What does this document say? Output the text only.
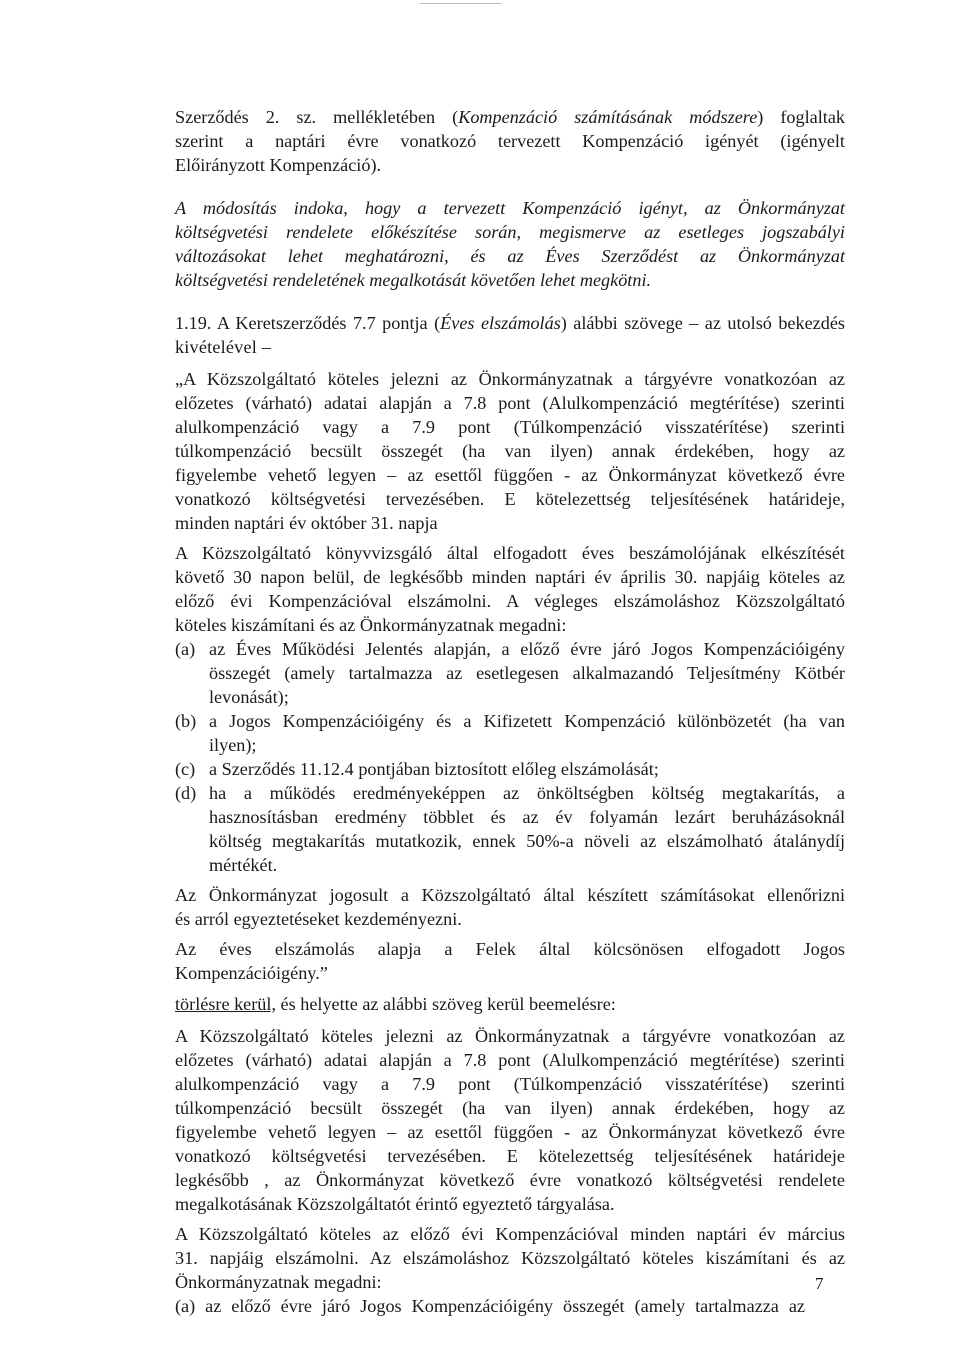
Szerződés 2. sz. mellékletében (Kompenzáció számításának módszere) foglaltak

szerint a naptári évre vonatkozó tervezett Kompenzáció igényét (igényelt

Előirányzott Kompenzáció).

A módosítás indoka, hogy a tervezett Kompenzáció igényt, az Önkormányzat

költségvetési rendelete előkészítése során, megismerve az esetleges jogszabályi

változásokat lehet meghatározni, és az Éves Szerződést az Önkormányzat

költségvetési rendeletének megalkotását követően lehet megkötni.

1.19. A Keretszerződés 7.7 pontja (Éves elszámolás) alábbi szövege – az utolsó bekezdés

kivételével –

„A Közszolgáltató köteles jelezni az Önkormányzatnak a tárgyévre vonatkozóan az

előzetes (várható) adatai alapján a 7.8 pont (Alulkompenzáció megtérítése) szerinti

alulkompenzáció vagy a 7.9 pont (Túlkompenzáció visszatérítése) szerinti

túlkompenzáció becsült összegét (ha van ilyen) annak érdekében, hogy az

figyelembe vehető legyen – az esettől függően - az Önkormányzat következő évre

vonatkozó költségvetési tervezésében. E kötelezettség teljesítésének határideje,

minden naptári év október 31. napja

A Közszolgáltató könyvvizsgáló által elfogadott éves beszámolójának elkészítését

követő 30 napon belül, de legkésőbb minden naptári év április 30. napjáig köteles az

előző évi Kompenzációval elszámolni. A végleges elszámoláshoz Közszolgáltató

köteles kiszámítani és az Önkormányzatnak megadni:

(a) az Éves Működési Jelentés alapján, a előző évre járó Jogos Kompenzációigény

összegét (amely tartalmazza az esetlegesen alkalmazandó Teljesítmény Kötbér

levonását);

(b) a Jogos Kompenzációigény és a Kifizetett Kompenzáció különbözetét (ha van

ilyen);

(c) a Szerződés 11.12.4 pontjában biztosított előleg elszámolását;

(d) ha a működés eredményeképpen az önköltségben költség megtakarítás, a

hasznosításban eredmény többlet és az év folyamán lezárt beruházásoknál

költség megtakarítás mutatkozik, ennek 50%-a növeli az elszámolható átalánydíj

mértékét.

Az Önkormányzat jogosult a Közszolgáltató által készített számításokat ellenőrizni

és arról egyeztetéseket kezdeményezni.

Az éves elszámolás alapja a Felek által kölcsönösen elfogadott Jogos

Kompenzációigény.”

törlésre kerül, és helyette az alábbi szöveg kerül beemelésre:

A Közszolgáltató köteles jelezni az Önkormányzatnak a tárgyévre vonatkozóan az

előzetes (várható) adatai alapján a 7.8 pont (Alulkompenzáció megtérítése) szerinti

alulkompenzáció vagy a 7.9 pont (Túlkompenzáció visszatérítése) szerinti

túlkompenzáció becsült összegét (ha van ilyen) annak érdekében, hogy az

figyelembe vehető legyen – az esettől függően - az Önkormányzat következő évre

vonatkozó költségvetési tervezésében. E kötelezettség teljesítésének határideje

legkésőbb , az Önkormányzat következő évre vonatkozó költségvetési rendelete

megalkotásának Közszolgáltatót érintő egyeztető tárgyalása.

A Közszolgáltató köteles az előző évi Kompenzációval minden naptári év március

31. napjáig elszámolni. Az elszámoláshoz Közszolgáltató köteles kiszámítani és az

Önkormányzatnak megadni:

(a) az előző évre járó Jogos Kompenzációigény összegét (amely tartalmazza az

7
